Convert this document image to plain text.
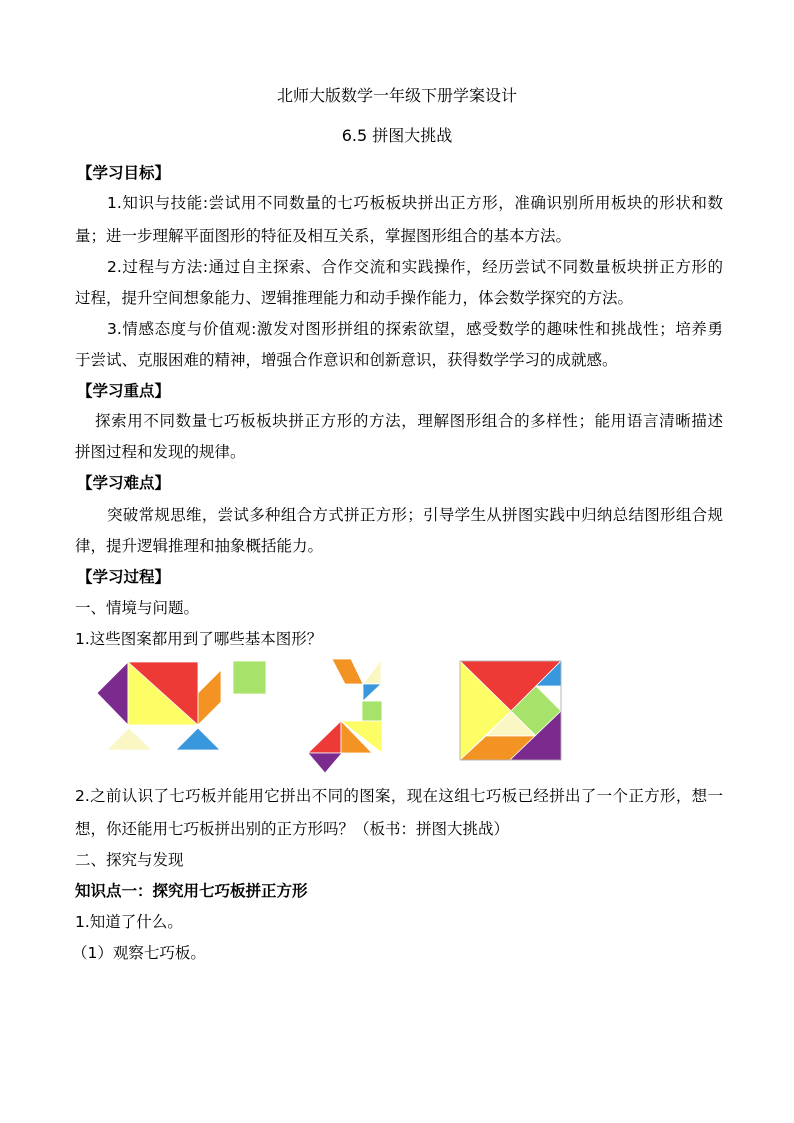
北师大版数学一年级下册学案设计

6.5 拼图大挑战

【学习目标】

1.知识与技能:尝试用不同数量的七巧板板块拼出正方形，准确识别所用板块的形状和数

量；进一步理解平面图形的特征及相互关系，掌握图形组合的基本方法。

2.过程与方法:通过自主探索、合作交流和实践操作，经历尝试不同数量板块拼正方形的

过程，提升空间想象能力、逻辑推理能力和动手操作能力，体会数学探究的方法。

3.情感态度与价值观:激发对图形拼组的探索欲望，感受数学的趣味性和挑战性；培养勇

于尝试、克服困难的精神，增强合作意识和创新意识，获得数学学习的成就感。

【学习重点】

探索用不同数量七巧板板块拼正方形的方法，理解图形组合的多样性；能用语言清晰描述

拼图过程和发现的规律。

【学习难点】

突破常规思维，尝试多种组合方式拼正方形；引导学生从拼图实践中归纳总结图形组合规

律，提升逻辑推理和抽象概括能力。

【学习过程】

一、情境与问题。

1.这些图案都用到了哪些基本图形？

2.之前认识了七巧板并能用它拼出不同的图案，现在这组七巧板已经拼出了一个正方形，想一

想，你还能用七巧板拼出别的正方形吗？（板书：拼图大挑战）

二、探究与发现

知识点一：探究用七巧板拼正方形

1.知道了什么。

（1）观察七巧板。
